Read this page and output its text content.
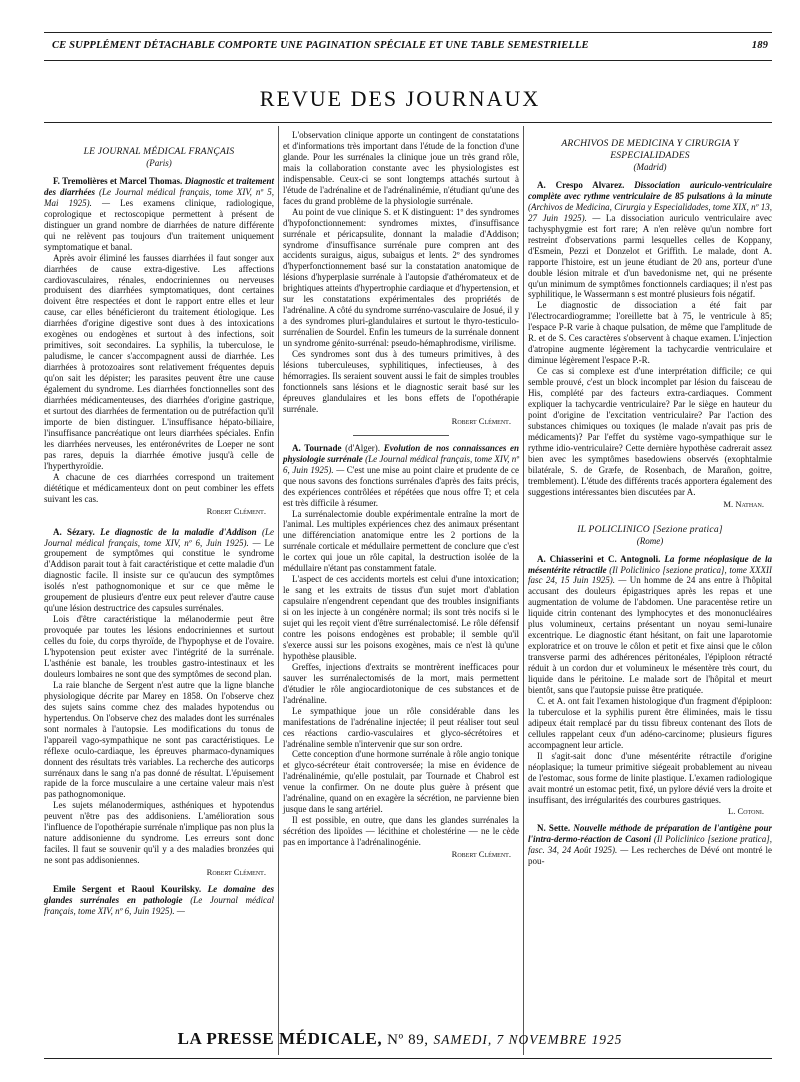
CE SUPPLÉMENT DÉTACHABLE COMPORTE UNE PAGINATION SPÉCIALE ET UNE TABLE SEMESTRIELLE	189
REVUE DES JOURNAUX
LE JOURNAL MÉDICAL FRANÇAIS
(Paris)

F. Tremolières et Marcel Thomas. Diagnostic et traitement des diarrhées (Le Journal médical français, tome XIV, nº 5, Mai 1925). — Les examens clinique, radiologique, coprologique et rectoscopique permettent à présent de distinguer un grand nombre de diarrhées de nature différente qui ne relèvent pas toujours d'un traitement uniquement symptomatique et banal.

Après avoir éliminé les fausses diarrhées il faut songer aux diarrhées de cause extra-digestive. Les affections cardiovasculaires, rénales, endocriniennes ou nerveuses produisent des diarrhées symptomatiques, dont certaines doivent être respectées et dont le rapport entre elles et leur cause, car elles bénéficieront du traitement étiologique. Les diarrhées d'origine digestive sont dues à des intoxications exogènes ou endogènes et surtout à des infections, soit primitives, soit secondaires. La syphilis, la tuberculose, le paludisme, le cancer s'accompagnent aussi de diarrhée. Les diarrhées à protozoaires sont relativement fréquentes depuis qu'on sait les dépister; les parasites peuvent être une cause également du syndrome. Les diarrhées fonctionnelles sont des diarrhées médicamenteuses, des diarrhées d'origine gastrique, et surtout des diarrhées de fermentation ou de putréfaction qu'il importe de bien distinguer. L'insuffisance hépato-biliaire, l'insuffisance pancréatique ont leurs diarrhées spéciales. Enfin les diarrhées nerveuses, les entéronévrites de Loeper ne sont pas rares, depuis la diarrhée émotive jusqu'à celle de l'hyperthyroïdie.

A chacune de ces diarrhées correspond un traitement diététique et médicamenteux dont on peut combiner les effets suivant les cas.

Robert Clément.

A. Sézary. Le diagnostic de la maladie d'Addison (Le Journal médical français, tome XIV, nº 6, Juin 1925). — Le groupement de symptômes qui constitue le syndrome d'Addison parait tout à fait caractéristique et cette maladie d'un diagnostic facile. Il insiste sur ce qu'aucun des symptômes isolés n'est pathognomonique et sur ce que même le groupement de plusieurs d'entre eux peut relever d'autre cause qu'une lésion destructrice des capsules surrénales.

Lois d'être caractéristique la mélanodermie peut être provoquée par toutes les lésions endocriniennes et surtout celles du foie, du corps thyroïde, de l'hypophyse et de l'ovaire. L'hypotension peut exister avec l'intégrité de la surrénale. L'asthénie est banale, les troubles gastro-intestinaux et les douleurs lombaires ne sont que des symptômes de second plan.

La raie blanche de Sergent n'est autre que la ligne blanche physiologique décrite par Marey en 1858. On l'observe chez des sujets sains comme chez des malades hypotendus ou hypertendus. On l'observe chez des malades dont les surrénales sont normales à l'autopsie. Les modifications du tonus de l'appareil vago-sympathique ne sont pas caractéristiques. Le réflexe oculo-cardiaque, les épreuves pharmaco-dynamiques donnent des résultats très variables. La recherche des auticorps surrénaux dans le sang n'a pas donné de résultat. L'épuisement rapide de la force musculaire a une certaine valeur mais n'est pas pathognomonique.

Les sujets mélanodermiques, asthéniques et hypotendus peuvent n'être pas des addisoniens. L'amélioration sous l'influence de l'opothérapie surrénale n'implique pas non plus la nature addisonienne du syndrome. Les erreurs sont donc faciles. Il faut se souvenir qu'il y a des maladies bronzées qui ne sont pas addisoniennes.

Robert Clément.

Emile Sergent et Raoul Kourilsky. Le domaine des glandes surrénales en pathologie (Le Journal médical français, tome XIV, nº 6, Juin 1925). —

L'observation clinique apporte un contingent de constatations et d'informations très important dans l'étude de la fonction d'une glande. Pour les surrénales la clinique joue un très grand rôle, mais la collaboration constante avec les physiologistes est indispensable. Ceux-ci se sont longtemps attachés surtout à l'étude de l'adrénaline et de l'adrénalinémie, n'étudiant qu'une des faces du grand problème de la physiologie surrénale.

Au point de vue clinique S. et K distinguent: 1º des syndromes d'hypofonctionnement: syndromes mixtes, d'insuffisance surrénale et péricapsulite, donnant la maladie d'Addison; syndrome d'insuffisance surrénale pure compren ant des accidents suraigus, aigus, subaigus et lents. 2º des syndromes d'hyperfonctionnement basé sur la constatation anatomique de lésions d'hyperplasie surrénale à l'autopsie d'athéromateux et de brightiques atteints d'hypertrophie cardiaque et d'hypertension, et sur les constatations expérimentales des propriétés de l'adrénaline. A côté du syndrome surréno-vasculaire de Josué, il y a des syndromes pluri-glandulaires et surtout le thyro-testiculo-surrénalien de Sourdel. Enfin les tumeurs de la surrénale donnent un syndrome génito-surrénal: pseudo-hémaphrodisme, virilisme.

Ces syndromes sont dus à des tumeurs primitives, à des lésions tuberculeuses, syphilitiques, infectieuses, à des hémorragies. Ils seraient souvent aussi le fait de simples troubles fonctionnels sans lésions et le diagnostic serait basé sur les épreuves glandulaires et les bons effets de l'opothérapie surrénale.

Robert Clément.

A. Tournade (d'Alger). Evolution de nos connaissances en physiologie surrénale (Le Journal médical français, tome XIV, nº 6, Juin 1925). — C'est une mise au point claire et prudente de ce que nous savons des fonctions surrénales d'après des faits précis, des expériences contrôlées et répétées que nous offre T; et cela est très difficile à résumer.

La surrénalectomie double expérimentale entraîne la mort de l'animal. Les multiples expériences chez des animaux présentant une différenciation anatomique entre les 2 portions de la surrénale corticale et médullaire permettent de conclure que c'est le cortex qui joue un rôle capital, la destruction isolée de la médullaire n'étant pas constamment fatale.

L'aspect de ces accidents mortels est celui d'une intoxication; le sang et les extraits de tissus d'un sujet mort d'ablation capsulaire n'engendrent cependant que des troubles insignifiants si on les injecte à un congénère normal; ils sont très nocifs si le sujet qui les reçoit vient d'être surrénalectomisé. Le rôle défensif contre les poisons endogènes est probable; il semble qu'il s'exerce aussi sur les poisons exogènes, mais ce n'est là qu'une hypothèse plausible.

Greffes, injections d'extraits se montrèrent inefficaces pour sauver les surrénalectomisés de la mort, mais permettent d'étudier le rôle angiocardiotonique de ces substances et de l'adrénaline.

Le sympathique joue un rôle considérable dans les manifestations de l'adrénaline injectée; il peut réaliser tout seul ces réactions cardio-vasculaires et glyco-sécrétoires et l'adrénaline semble n'intervenir que sur son ordre.

Cette conception d'une hormone surrénale à rôle angio tonique et glyco-sécréteur était controversée; la mise en évidence de l'adrénalinémie, qu'elle postulait, par Tournade et Chabrol est venue la confirmer. On ne doute plus guère à présent que l'adrénaline, quand on en exagère la sécrétion, ne parvienne bien jusque dans le sang artériel.

Il est possible, en outre, que dans les glandes surrénales la sécrétion des lipoïdes — lécithine et cholestérine — ne le cède pas en importance à l'adrénalinogénie.

Robert Clément.
ARCHIVOS DE MEDICINA Y CIRURGIA Y ESPECIALIDADES
(Madrid)

A. Crespo Alvarez. Dissociation auriculo-ventriculaire complète avec rythme ventriculaire de 85 pulsations à la minute (Archivos de Medicina, Cirurgia y Especialidades, tome XIX, nº 13, 27 Juin 1925). — La dissociation auriculo ventriculaire avec tachysphygmie est fort rare; A n'en relève qu'un nombre fort restreint d'observations parmi lesquelles celles de Koppany, d'Esmein, Pezzi et Donzelot et Griffith. Le malade, dont A. rapporte l'histoire, est un jeune étudiant de 20 ans, porteur d'une double lésion mitrale et d'un bavedonisme net, qui ne présente qu'un minimum de symptômes fonctionnels cardiaques; il n'est pas syphilitique, le Wassermann s est montré plusieurs fois négatif.

Le diagnostic de dissociation a été fait par l'électrocardiogramme; l'oreillette bat à 75, le ventricule à 85; l'espace P-R varie à chaque pulsation, de même que l'amplitude de R. et de S. Ces caractères s'observent à chaque examen. L'injection d'atropine augmente légèrement la tachycardie ventriculaire et diminue légèrement l'espace P.-R.

Ce cas si complexe est d'une interprétation difficile; ce qui semble prouvé, c'est un block incomplet par lésion du faisceau de His, complété par des facteurs extra-cardiaques. Comment expliquer la tachycardie ventriculaire? Par le siège en hauteur du point d'origine de l'excitation ventriculaire? Par l'action des substances chimiques ou toxiques (le malade n'avait pas pris de médicaments)? Par l'effet du système vago-sympathique sur le rythme idio-ventriculaire? Cette dernière hypothèse cadrerait assez bien avec les symptômes basedowiens observés (exophtalmie bilatérale, S. de Græfe, de Rosenbach, de Marañon, goitre, tremblement). L'étude des différents tracés apportera également des suggestions intéressantes bien discutées par A.

M. Nathan.
IL POLICLINICO [Sezione pratica]
(Rome)

A. Chiasserini et C. Antognoli. La forme néoplasique de la mésentérite rétractile (Il Policlinico [sezione pratica], tome XXXII fasc 24, 15 Juin 1925). — Un homme de 24 ans entre à l'hôpital accusant des douleurs épigastriques après les repas et une augmentation de volume de l'abdomen. Une paracentèse retire un liquide citrin contenant des lymphocytes et des mononucléaires plus volumineux, certains présentant un noyau semi-lunaire excentrique. Le diagnostic étant hésitant, on fait une laparotomie exploratrice et on trouve le côlon et petit et fixe ainsi que le côlon transverse parmi des adhérences péritonéales, l'épiploon rétracté réduit à un cordon dur et volumineux le mésentère très court, du liquide dans le péritoine. Le malade sort de l'hôpital et meurt bientôt, sans que l'autopsie puisse être pratiquée.

C. et A. ont fait l'examen histologique d'un fragment d'épiploon: la tuberculose et la syphilis purent être éliminées, mais le tissu adipeux était remplacé par du tissu fibreux contenant des îlots de cellules rappelant ceux d'un adéno-carcinome; plusieurs figures accompagnent leur article.

Il s'agit-sait donc d'une mésentérite rétractile d'origine néoplasique; la tumeur primitive siégeait probablement au niveau de l'estomac, sous forme de linite plastique. L'examen radiologique avait montré un estomac petit, fixé, un pylore dévié vers la droite et insuffisant, des irrégularités des courbures gastriques.

L. Cotoni.

N. Sette. Nouvelle méthode de préparation de l'antigène pour l'intra-dermo-réaction de Casoni (Il Policlinico [sezione pratica], fasc. 34, 24 Août 1925). — Les recherches de Dévé ont montré le pou-

LA PRESSE MÉDICALE, Nº 89, SAMEDI, 7 NOVEMBRE 1925
